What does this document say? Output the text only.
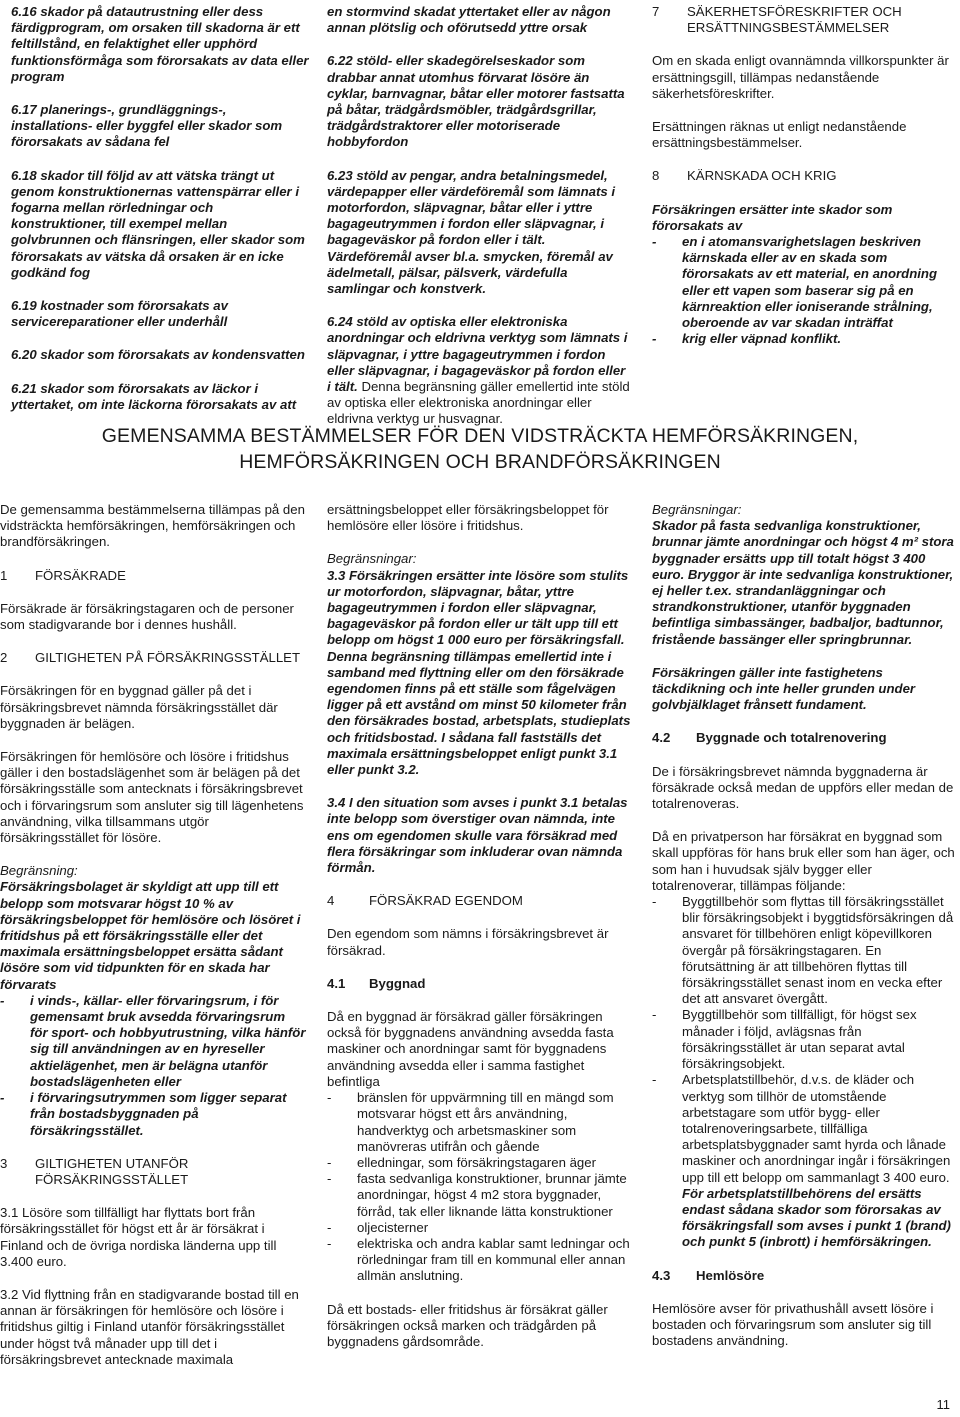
6.16 skador på datautrustning eller dess färdigprogram, om orsaken till skadorna är ett feltillstånd, en felaktighet eller upphörd funktionsförmåga som förorsakats av data eller program

6.17 planerings-, grundläggnings-, installations- eller byggfel eller skador som förorsakats av sådana fel

6.18 skador till följd av att vätska trängt ut genom konstruktionernas vattenspärrar eller i fogarna mellan rörledningar och konstruktioner, till exempel mellan golvbrunnen och flänsringen, eller skador som förorsakats av vätska då orsaken är en icke godkänd fog

6.19 kostnader som förorsakats av servicereparationer eller underhåll

6.20 skador som förorsakats av kondensvatten

6.21 skador som förorsakats av läckor i yttertaket, om inte läckorna förorsakats av att

en stormvind skadat yttertaket eller av någon annan plötslig och oförutsedd yttre orsak

6.22 stöld- eller skadegörelseskador som drabbar annat utomhus förvarat lösöre än cyklar, barnvagnar, båtar eller motorer fastsatta på båtar, trädgårdsmöbler, trädgårdsgrillar, trädgårdstraktorer eller motoriserade hobbyfordon

6.23 stöld av pengar, andra betalningsmedel, värdepapper eller värdeföremål som lämnats i motorfordon, släpvagnar, båtar eller i yttre bagageutrymmen i fordon eller släpvagnar, i bagageväskor på fordon eller i tält. Värdeföremål avser bl.a. smycken, föremål av ädelmetall, pälsar, pälsverk, värdefulla samlingar och konstverk.

6.24 stöld av optiska eller elektroniska anordningar och eldrivna verktyg som lämnats i släpvagnar, i yttre bagageutrymmen i fordon eller släpvagnar, i bagageväskor på fordon eller i tält. Denna begränsning gäller emellertid inte stöld av optiska eller elektroniska anordningar eller eldrivna verktyg ur husvagnar.

7	SÄKERHETSFÖRESKRIFTER OCH ERSÄTTNINGSBESTÄMMELSER

Om en skada enligt ovannämnda villkorspunkter är ersättningsgill, tillämpas nedanstående säkerhetsföreskrifter.

Ersättningen räknas ut enligt nedanstående ersättningsbestämmelser.

8	KÄRNSKADA OCH KRIG

Försäkringen ersätter inte skador som förorsakats av

- en i atomansvarighetslagen beskriven kärnskada eller av en skada som förorsakats av ett material, en anordning eller ett vapen som baserar sig på en kärnreaktion eller ioniserande strålning, oberoende av var skadan inträffat
- krig eller väpnad konflikt.
GEMENSAMMA BESTÄMMELSER FÖR DEN VIDSTRÄCKTA HEMFÖRSÄKRINGEN,
HEMFÖRSÄKRINGEN OCH BRANDFÖRSÄKRINGEN

De gemensamma bestämmelserna tillämpas på den vidsträckta hemförsäkringen, hemförsäkringen och brandförsäkringen.

1	FÖRSÄKRADE

Försäkrade är försäkringstagaren och de personer som stadigvarande bor i dennes hushåll.

2	GILTIGHETEN PÅ FÖRSÄKRINGSSTÄLLET

Försäkringen för en byggnad gäller på det i försäkringsbrevet nämnda försäkringsstället där byggnaden är belägen.

Försäkringen för hemlösöre och lösöre i fritidshus gäller i den bostadslägenhet som är belägen på det försäkringsställe som antecknats i försäkringsbrevet och i förvaringsrum som ansluter sig till lägenhetens användning, vilka tillsammans utgör försäkringsstället för lösöre.

Begränsning:

Försäkringsbolaget är skyldigt att upp till ett belopp som motsvarar högst 10 % av försäkringsbeloppet för hemlösöre och lösöret i fritidshus på ett försäkringsställe eller det maximala ersättningsbeloppet ersätta sådant lösöre som vid tidpunkten för en skada har förvarats

- i vinds-, källar- eller förvaringsrum, i för gemensamt bruk avsedda förvaringsrum för sport- och hobbyutrustning, vilka hänför sig till användningen av en hyreseller aktielägenhet, men är belägna utanför bostadslägenheten eller
- i förvaringsutrymmen som ligger separat från bostadsbyggnaden på försäkringsstället.
3	GILTIGHETEN UTANFÖR FÖRSÄKRINGSSTÄLLET

3.1 Lösöre som tillfälligt har flyttats bort från försäkringsstället för högst ett år är försäkrat i Finland och de övriga nordiska länderna upp till 3.400 euro.

3.2 Vid flyttning från en stadigvarande bostad till en annan är försäkringen för hemlösöre och lösöre i fritidshus giltig i Finland utanför försäkringsstället under högst två månader upp till det i försäkringsbrevet antecknade maximala

ersättningsbeloppet eller försäkringsbeloppet för hemlösöre eller lösöre i fritidshus.

Begränsningar:

3.3 Försäkringen ersätter inte lösöre som stulits ur motorfordon, släpvagnar, båtar, yttre bagageutrymmen i fordon eller släpvagnar, bagageväskor på fordon eller ur tält upp till ett belopp om högst 1 000 euro per försäkringsfall. Denna begränsning tillämpas emellertid inte i samband med flyttning eller om den försäkrade egendomen finns på ett ställe som fågelvägen ligger på ett avstånd om minst 50 kilometer från den försäkrades bostad, arbetsplats, studieplats och fritidsbostad. I sådana fall fastställs det maximala ersättningsbeloppet enligt punkt 3.1 eller punkt 3.2.

3.4 I den situation som avses i punkt 3.1 betalas inte belopp som överstiger ovan nämnda, inte ens om egendomen skulle vara försäkrad med flera försäkringar som inkluderar ovan nämnda förmån.

4	FÖRSÄKRAD EGENDOM

Den egendom som nämns i försäkringsbrevet är försäkrad.

4.1	Byggnad

Då en byggnad är försäkrad gäller försäkringen också för byggnadens användning avsedda fasta maskiner och anordningar samt för byggnadens användning avsedda eller i samma fastighet befintliga

- bränslen för uppvärmning till en mängd som motsvarar högst ett års användning, handverktyg och arbetsmaskiner som manövreras utifrån och gående
- elledningar, som försäkringstagaren äger
- fasta sedvanliga konstruktioner, brunnar jämte anordningar, högst 4 m2 stora byggnader, förråd, tak eller liknande lätta konstruktioner
- oljecisterner
- elektriska och andra kablar samt ledningar och rörledningar fram till en kommunal eller annan allmän anslutning.

Då ett bostads- eller fritidshus är försäkrat gäller försäkringen också marken och trädgården på byggnadens gårdsområde.

Begränsningar:

Skador på fasta sedvanliga konstruktioner, brunnar jämte anordningar och högst 4 m² stora byggnader ersätts upp till totalt högst 3 400 euro. Bryggor är inte sedvanliga konstruktioner, ej heller t.ex. strandanläggningar och strandkonstruktioner, utanför byggnaden befintliga simbassänger, badbaljor, badtunnor, fristående bassänger eller springbrunnar.

Försäkringen gäller inte fastighetens täckdikning och inte heller grunden under golvbjälklaget frånsett fundament.

4.2	Byggnade och totalrenovering

De i försäkringsbrevet nämnda byggnaderna är försäkrade också medan de uppförs eller medan de totalrenoveras.

Då en privatperson har försäkrat en byggnad som skall uppföras för hans bruk eller som han äger, och som han i huvudsak själv bygger eller totalrenoverar, tillämpas följande:

- Byggtillbehör som flyttas till försäkringsstället blir försäkringsobjekt i byggtidsförsäkringen då ansvaret för tillbehören enligt köpevillkoren övergår på försäkringstagaren. En förutsättning är att tillbehören flyttas till försäkringsstället senast inom en vecka efter det att ansvaret övergått.
- Byggtillbehör som tillfälligt, för högst sex månader i följd, avlägsnas från försäkringsstället är utan separat avtal försäkringsobjekt.
- Arbetsplatstillbehör, d.v.s. de kläder och verktyg som tillhör de utomstående arbetstagare som utför bygg- eller totalrenoveringsarbete, tillfälliga arbetsplatsbyggnader samt hyrda och lånade maskiner och anordningar ingår i försäkringen upp till ett belopp om sammanlagt 3 400 euro. För arbetsplatstillbehörens del ersätts endast sådana skador som förorsakas av försäkringsfall som avses i punkt 1 (brand) och punkt 5 (inbrott) i hemförsäkringen.
4.3	Hemlösöre

Hemlösöre avser för privathushåll avsett lösöre i bostaden och förvaringsrum som ansluter sig till bostadens användning.

11
